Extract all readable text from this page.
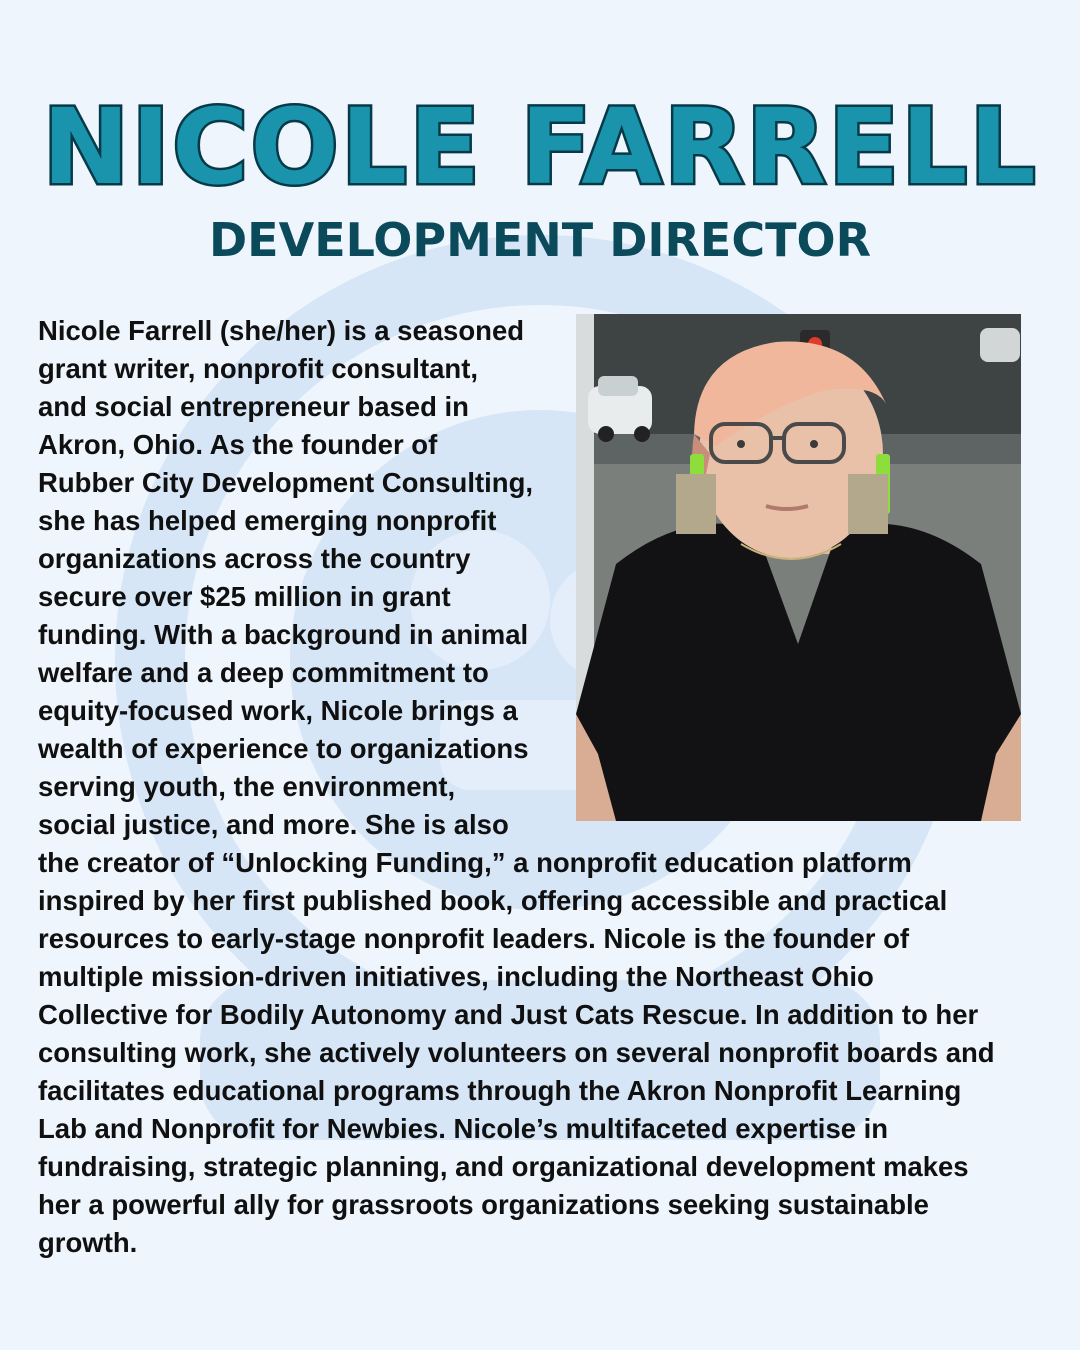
NICOLE FARRELL
DEVELOPMENT DIRECTOR
Nicole Farrell (she/her) is a seasoned
grant writer, nonprofit consultant,
and social entrepreneur based in
Akron, Ohio. As the founder of
Rubber City Development Consulting,
she has helped emerging nonprofit
organizations across the country
secure over $25 million in grant
funding. With a background in animal
welfare and a deep commitment to
equity-focused work, Nicole brings a
wealth of experience to organizations
serving youth, the environment,
social justice, and more. She is also
the creator of “Unlocking Funding,” a nonprofit education platform
inspired by her first published book, offering accessible and practical
resources to early-stage nonprofit leaders. Nicole is the founder of
multiple mission-driven initiatives, including the Northeast Ohio
Collective for Bodily Autonomy and Just Cats Rescue. In addition to her
consulting work, she actively volunteers on several nonprofit boards and
facilitates educational programs through the Akron Nonprofit Learning
Lab and Nonprofit for Newbies. Nicole’s multifaceted expertise in
fundraising, strategic planning, and organizational development makes
her a powerful ally for grassroots organizations seeking sustainable
growth.
